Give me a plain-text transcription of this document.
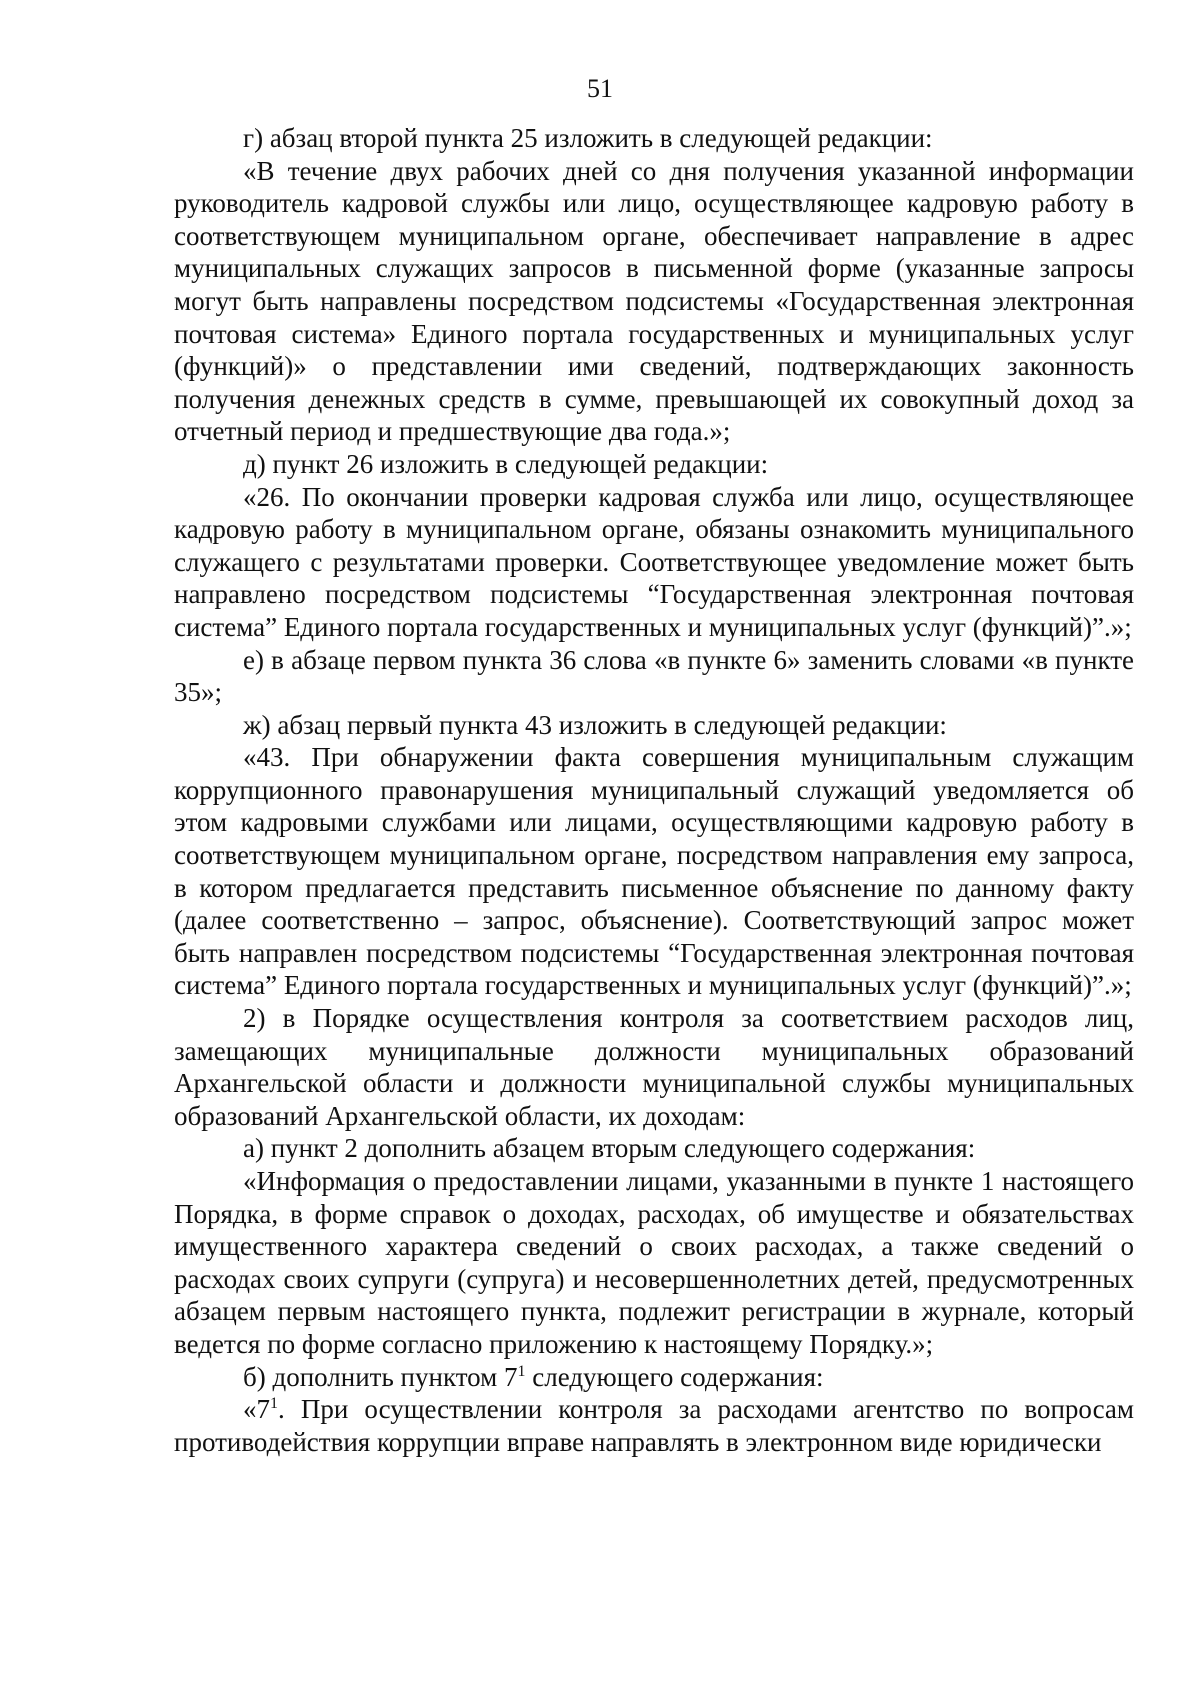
51

г) абзац второй пункта 25 изложить в следующей редакции:

«В течение двух рабочих дней со дня получения указанной информации руководитель кадровой службы или лицо, осуществляющее кадровую работу в соответствующем муниципальном органе, обеспечивает направление в адрес муниципальных служащих запросов в письменной форме (указанные запросы могут быть направлены посредством подсистемы «Государственная электронная почтовая система» Единого портала государственных и муниципальных услуг (функций)» о представлении ими сведений, подтверждающих законность получения денежных средств в сумме, превышающей их совокупный доход за отчетный период и предшествующие два года.»;

д) пункт 26 изложить в следующей редакции:

«26. По окончании проверки кадровая служба или лицо, осуществляющее кадровую работу в муниципальном органе, обязаны ознакомить муниципального служащего с результатами проверки. Соответствующее уведомление может быть направлено посредством подсистемы “Государственная электронная почтовая система” Единого портала государственных и муниципальных услуг (функций)”.»;

е) в абзаце первом пункта 36 слова «в пункте 6» заменить словами «в пункте 35»;

ж) абзац первый пункта 43 изложить в следующей редакции:

«43. При обнаружении факта совершения муниципальным служащим коррупционного правонарушения муниципальный служащий уведомляется об этом кадровыми службами или лицами, осуществляющими кадровую работу в соответствующем муниципальном органе, посредством направления ему запроса, в котором предлагается представить письменное объяснение по данному факту (далее соответственно – запрос, объяснение). Соответствующий запрос может быть направлен посредством подсистемы “Государственная электронная почтовая система” Единого портала государственных и муниципальных услуг (функций)”.»;

2) в Порядке осуществления контроля за соответствием расходов лиц, замещающих муниципальные должности муниципальных образований Архангельской области и должности муниципальной службы муниципальных образований Архангельской области, их доходам:

а) пункт 2 дополнить абзацем вторым следующего содержания:

«Информация о предоставлении лицами, указанными в пункте 1 настоящего Порядка, в форме справок о доходах, расходах, об имуществе и обязательствах имущественного характера сведений о своих расходах, а также сведений о расходах своих супруги (супруга) и несовершеннолетних детей, предусмотренных абзацем первым настоящего пункта, подлежит регистрации в журнале, который ведется по форме согласно приложению к настоящему Порядку.»;

б) дополнить пунктом $7^1$ следующего содержания:

«$7^1$. При осуществлении контроля за расходами агентство по вопросам противодействия коррупции вправе направлять в электронном виде юридически
